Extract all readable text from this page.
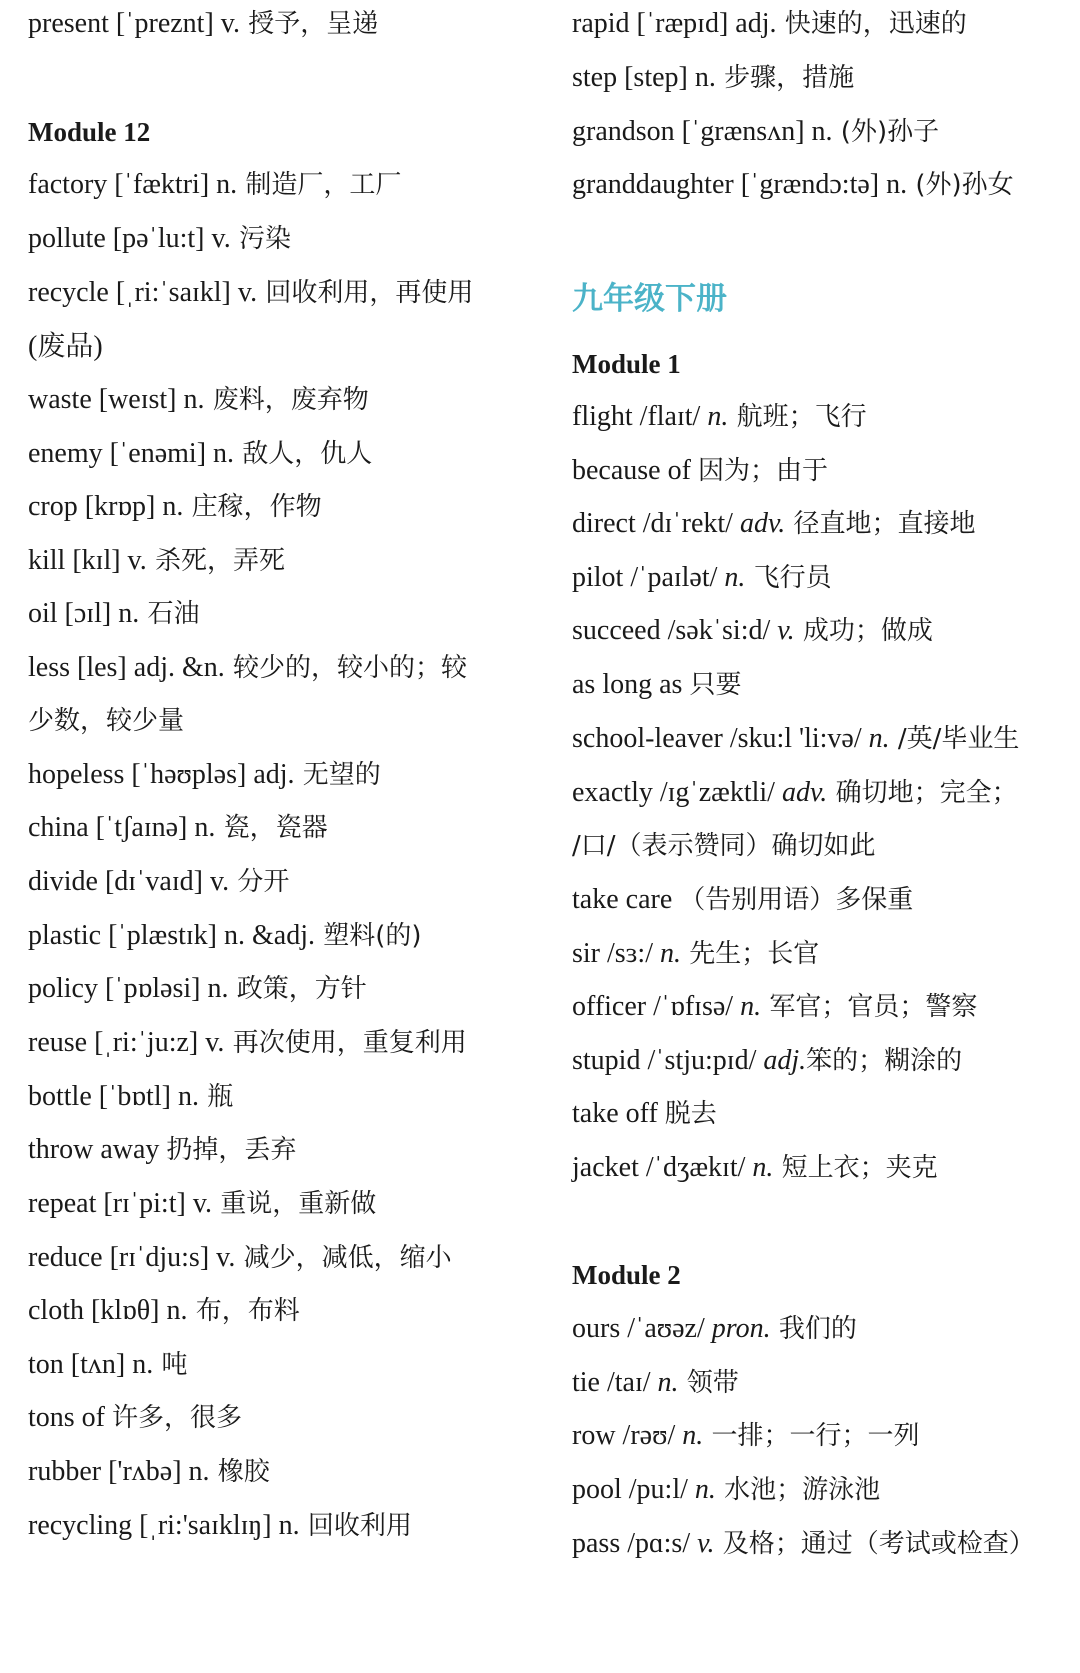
present [ˈpreznt] v. 授予，呈递
Module 12
factory [ˈfæktri] n. 制造厂，工厂
pollute [pəˈlu:t] v. 污染
recycle [ˌri:ˈsaɪkl] v. 回收利用，再使用
(废品)
waste [weɪst] n. 废料，废弃物
enemy [ˈenəmi] n. 敌人，仇人
crop [krɒp] n. 庄稼，作物
kill [kɪl] v. 杀死，弄死
oil [ɔɪl] n. 石油
less [les] adj. &n. 较少的，较小的；较
少数，较少量
hopeless [ˈhəʊpləs] adj. 无望的
china [ˈtʃaɪnə] n. 瓷，瓷器
divide [dɪˈvaɪd] v. 分开
plastic [ˈplæstɪk] n. &adj. 塑料(的)
policy [ˈpɒləsi] n. 政策，方针
reuse [ˌri:ˈju:z] v. 再次使用，重复利用
bottle [ˈbɒtl] n. 瓶
throw away 扔掉，丢弃
repeat [rɪˈpi:t] v. 重说，重新做
reduce [rɪˈdju:s] v. 减少，减低，缩小
cloth [klɒθ] n. 布，布料
ton [tʌn] n. 吨
tons of 许多，很多
rubber ['rʌbə] n. 橡胶
recycling [ˌri:'saɪklɪŋ] n. 回收利用
rapid [ˈræpɪd] adj. 快速的，迅速的
step [step] n. 步骤，措施
grandson [ˈgrænsʌn] n. (外)孙子
granddaughter [ˈgrændɔ:tə] n. (外)孙女
九年级下册
Module 1
flight /flaɪt/ n. 航班；飞行
because of 因为；由于
direct /dɪˈrekt/ adv. 径直地；直接地
pilot /ˈpaɪlət/ n. 飞行员
succeed /səkˈsi:d/ v. 成功；做成
as long as 只要
school-leaver /sku:l 'li:və/ n. /英/毕业生
exactly /ɪgˈzæktli/ adv. 确切地；完全；
/口/（表示赞同）确切如此
take care （告别用语）多保重
sir /sɜ:/ n. 先生；长官
officer /ˈɒfɪsə/ n. 军官；官员；警察
stupid /ˈstju:pɪd/ adj.笨的；糊涂的
take off 脱去
jacket /ˈdʒækɪt/ n. 短上衣；夹克
Module 2
ours /ˈaʊəz/ pron. 我们的
tie /taɪ/ n. 领带
row /rəʊ/ n. 一排；一行；一列
pool /pu:l/ n. 水池；游泳池
pass /pɑ:s/ v. 及格；通过（考试或检查）
